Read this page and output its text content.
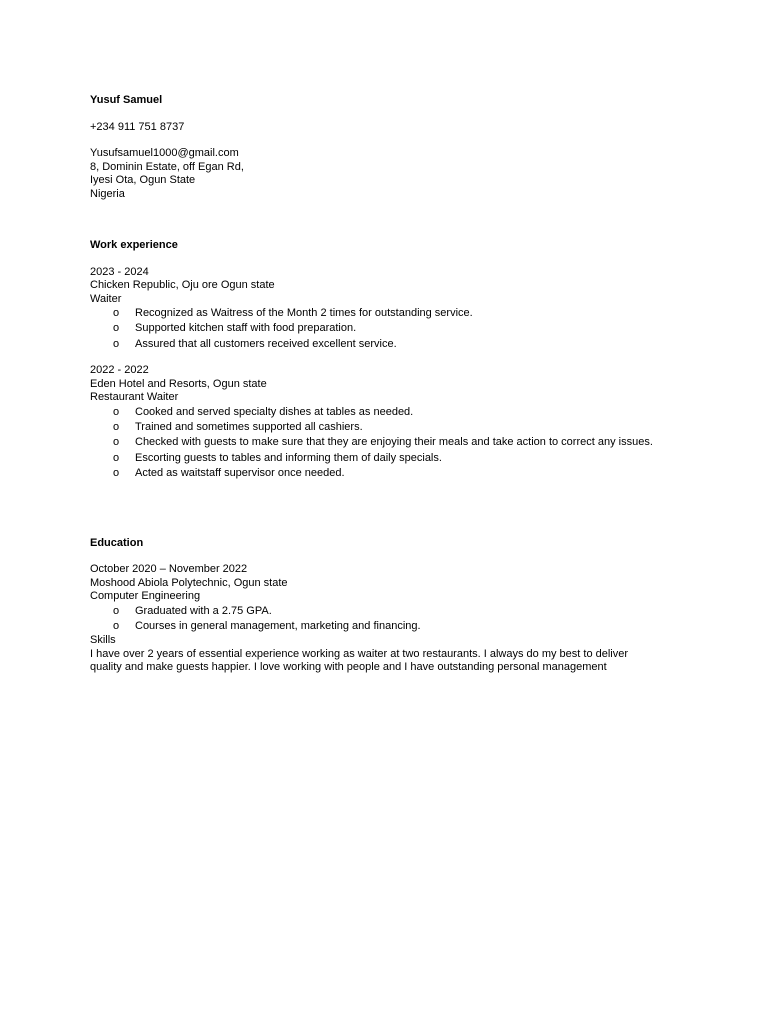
Yusuf Samuel
+234 911 751 8737
Yusufsamuel1000@gmail.com
8, Dominin Estate, off Egan Rd,
Iyesi Ota, Ogun State
Nigeria
Work experience
2023 - 2024
Chicken Republic, Oju ore Ogun state
Waiter
o Recognized as Waitress of the Month 2 times for outstanding service.
o Supported kitchen staff with food preparation.
o Assured that all customers received excellent service.
2022 - 2022
Eden Hotel and Resorts, Ogun state
Restaurant Waiter
o Cooked and served specialty dishes at tables as needed.
o Trained and sometimes supported all cashiers.
o Checked with guests to make sure that they are enjoying their meals and take action to correct any issues.
o Escorting guests to tables and informing them of daily specials.
o Acted as waitstaff supervisor once needed.
Education
October 2020 – November 2022
Moshood Abiola Polytechnic, Ogun state
Computer Engineering
o Graduated with a 2.75 GPA.
o Courses in general management, marketing and financing.
Skills
I have over 2 years of essential experience working as waiter at two restaurants. I always do my best to deliver quality and make guests happier. I love working with people and I have outstanding personal management
